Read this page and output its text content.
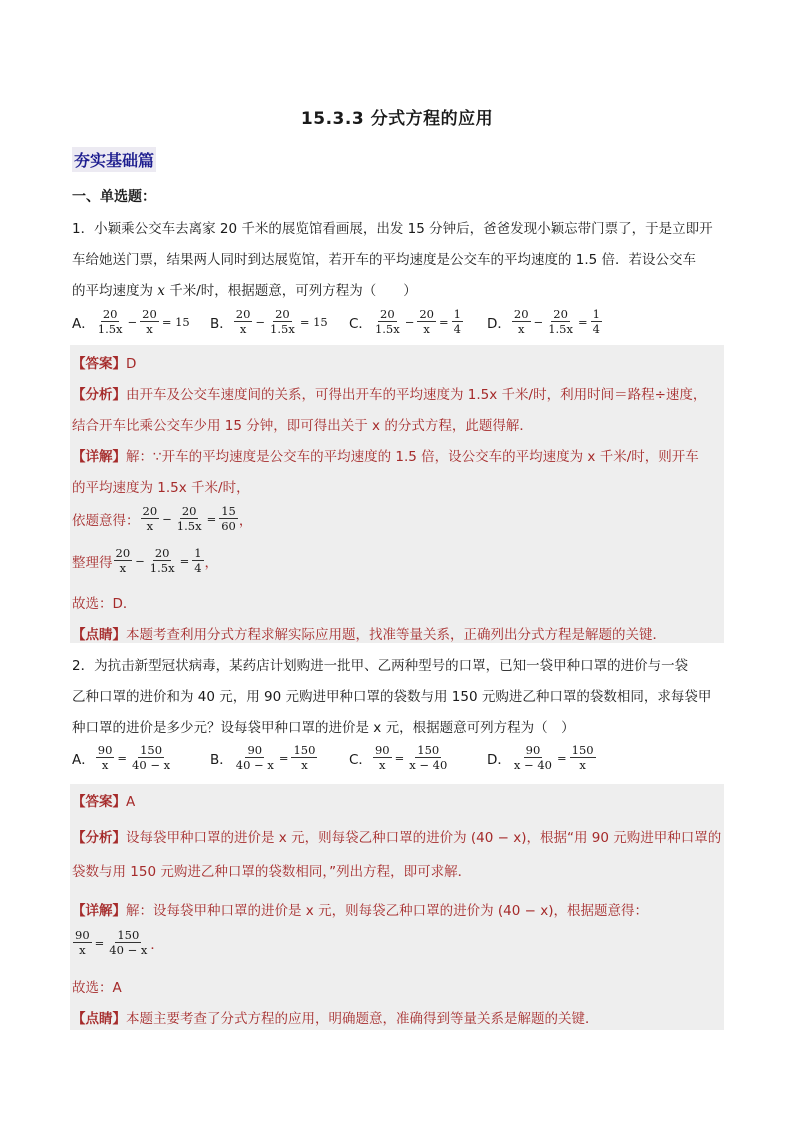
15.3.3 分式方程的应用
夯实基础篇
一、单选题：
1．小颖乘公交车去离家 20 千米的展览馆看画展，出发 15 分钟后，爸爸发现小颖忘带门票了，于是立即开
车给她送门票，结果两人同时到达展览馆，若开车的平均速度是公交车的平均速度的 1.5 倍．若设公交车
的平均速度为 x 千米/时，根据题意，可列方程为（　　）
A． $\frac{20}{1.5x} - \frac{20}{x} = 15$ B． $\frac{20}{x} - \frac{20}{1.5x} = 15$ C． $\frac{20}{1.5x} - \frac{20}{x} = \frac{1}{4}$ D． $\frac{20}{x} - \frac{20}{1.5x} = \frac{1}{4}$
【答案】D
【分析】由开车及公交车速度间的关系，可得出开车的平均速度为 1.5x 千米/时，利用时间＝路程÷速度，
结合开车比乘公交车少用 15 分钟，即可得出关于 x 的分式方程，此题得解．
【详解】解：∵开车的平均速度是公交车的平均速度的 1.5 倍，设公交车的平均速度为 x 千米/时，则开车
的平均速度为 1.5x 千米/时，
依题意得： $\frac{20}{x} - \frac{20}{1.5x} = \frac{15}{60}$ ，
整理得 $\frac{20}{x} - \frac{20}{1.5x} = \frac{1}{4}$ ，
故选：D．
【点睛】本题考查利用分式方程求解实际应用题，找准等量关系，正确列出分式方程是解题的关键．
2．为抗击新型冠状病毒，某药店计划购进一批甲、乙两种型号的口罩，已知一袋甲种口罩的进价与一袋
乙种口罩的进价和为 40 元，用 90 元购进甲种口罩的袋数与用 150 元购进乙种口罩的袋数相同，求每袋甲
种口罩的进价是多少元？设每袋甲种口罩的进价是 x 元，根据题意可列方程为（　）
A． $\frac{90}{x} = \frac{150}{40 - x}$	B． $\frac{90}{40 - x} = \frac{150}{x}$ C． $\frac{90}{x} = \frac{150}{x - 40}$	D． $\frac{90}{x - 40} = \frac{150}{x}$
【答案】A
【分析】设每袋甲种口罩的进价是 x 元，则每袋乙种口罩的进价为 (40 − x)，根据“用 90 元购进甲种口罩的
袋数与用 150 元购进乙种口罩的袋数相同，”列出方程，即可求解．
【详解】解：设每袋甲种口罩的进价是 x 元，则每袋乙种口罩的进价为 (40 − x)，根据题意得：
$\frac{90}{x} = \frac{150}{40 - x}$ ．
故选：A
【点睛】本题主要考查了分式方程的应用，明确题意，准确得到等量关系是解题的关键．
